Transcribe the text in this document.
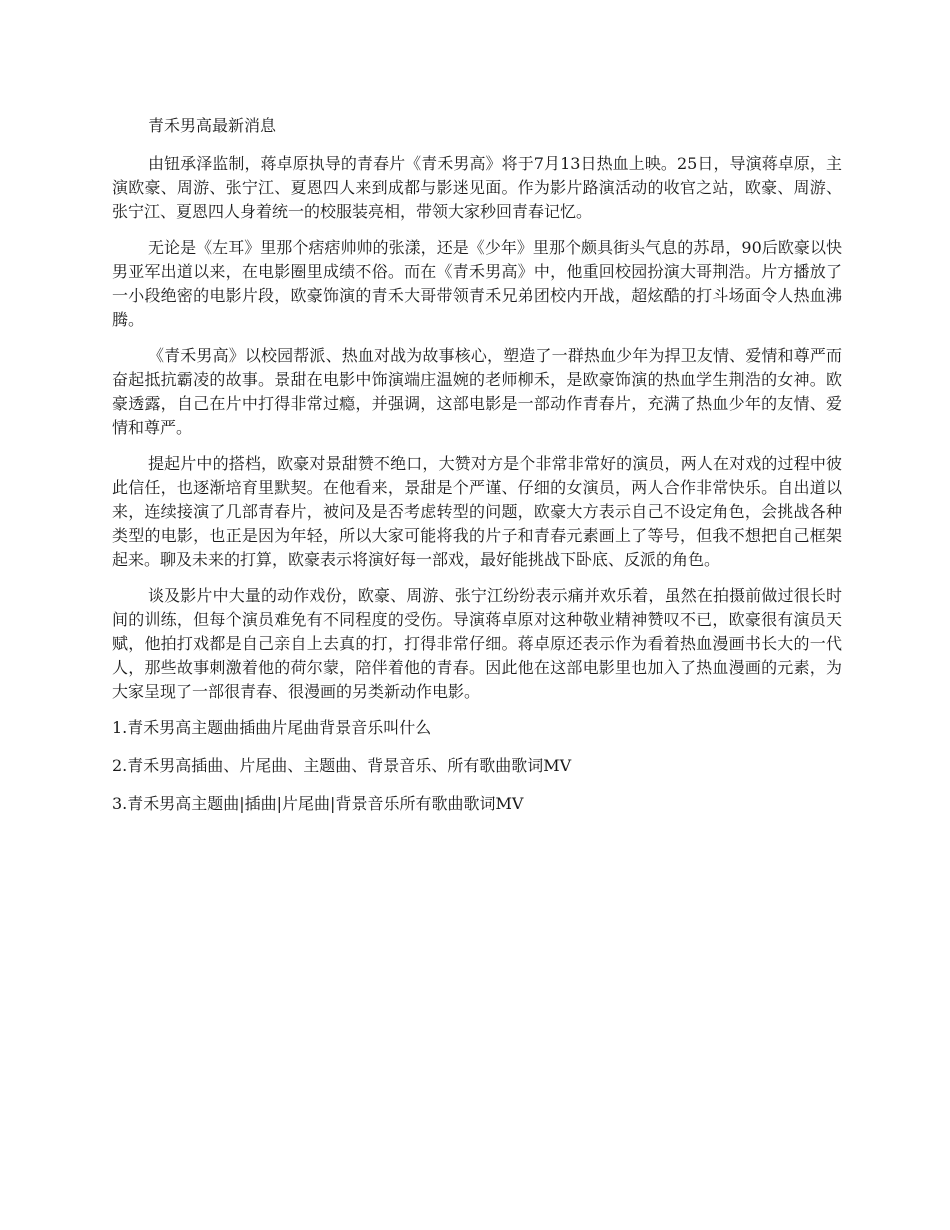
青禾男高最新消息
由钮承泽监制，蒋卓原执导的青春片《青禾男高》将于7月13日热血上映。25日，导演蒋卓原，主演欧豪、周游、张宁江、夏恩四人来到成都与影迷见面。作为影片路演活动的收官之站，欧豪、周游、张宁江、夏恩四人身着统一的校服装亮相，带领大家秒回青春记忆。
无论是《左耳》里那个痞痞帅帅的张漾，还是《少年》里那个颇具街头气息的苏昂，90后欧豪以快男亚军出道以来，在电影圈里成绩不俗。而在《青禾男高》中，他重回校园扮演大哥荆浩。片方播放了一小段绝密的电影片段，欧豪饰演的青禾大哥带领青禾兄弟团校内开战，超炫酷的打斗场面令人热血沸腾。
《青禾男高》以校园帮派、热血对战为故事核心，塑造了一群热血少年为捍卫友情、爱情和尊严而奋起抵抗霸凌的故事。景甜在电影中饰演端庄温婉的老师柳禾，是欧豪饰演的热血学生荆浩的女神。欧豪透露，自己在片中打得非常过瘾，并强调，这部电影是一部动作青春片，充满了热血少年的友情、爱情和尊严。
提起片中的搭档，欧豪对景甜赞不绝口，大赞对方是个非常非常好的演员，两人在对戏的过程中彼此信任，也逐渐培育里默契。在他看来，景甜是个严谨、仔细的女演员，两人合作非常快乐。自出道以来，连续接演了几部青春片，被问及是否考虑转型的问题，欧豪大方表示自己不设定角色，会挑战各种类型的电影，也正是因为年轻，所以大家可能将我的片子和青春元素画上了等号，但我不想把自己框架起来。聊及未来的打算，欧豪表示将演好每一部戏，最好能挑战下卧底、反派的角色。
谈及影片中大量的动作戏份，欧豪、周游、张宁江纷纷表示痛并欢乐着，虽然在拍摄前做过很长时间的训练，但每个演员难免有不同程度的受伤。导演蒋卓原对这种敬业精神赞叹不已，欧豪很有演员天赋，他拍打戏都是自己亲自上去真的打，打得非常仔细。蒋卓原还表示作为看着热血漫画书长大的一代人，那些故事刺激着他的荷尔蒙，陪伴着他的青春。因此他在这部电影里也加入了热血漫画的元素，为大家呈现了一部很青春、很漫画的另类新动作电影。
1.青禾男高主题曲插曲片尾曲背景音乐叫什么
2.青禾男高插曲、片尾曲、主题曲、背景音乐、所有歌曲歌词MV
3.青禾男高主题曲|插曲|片尾曲|背景音乐所有歌曲歌词MV
